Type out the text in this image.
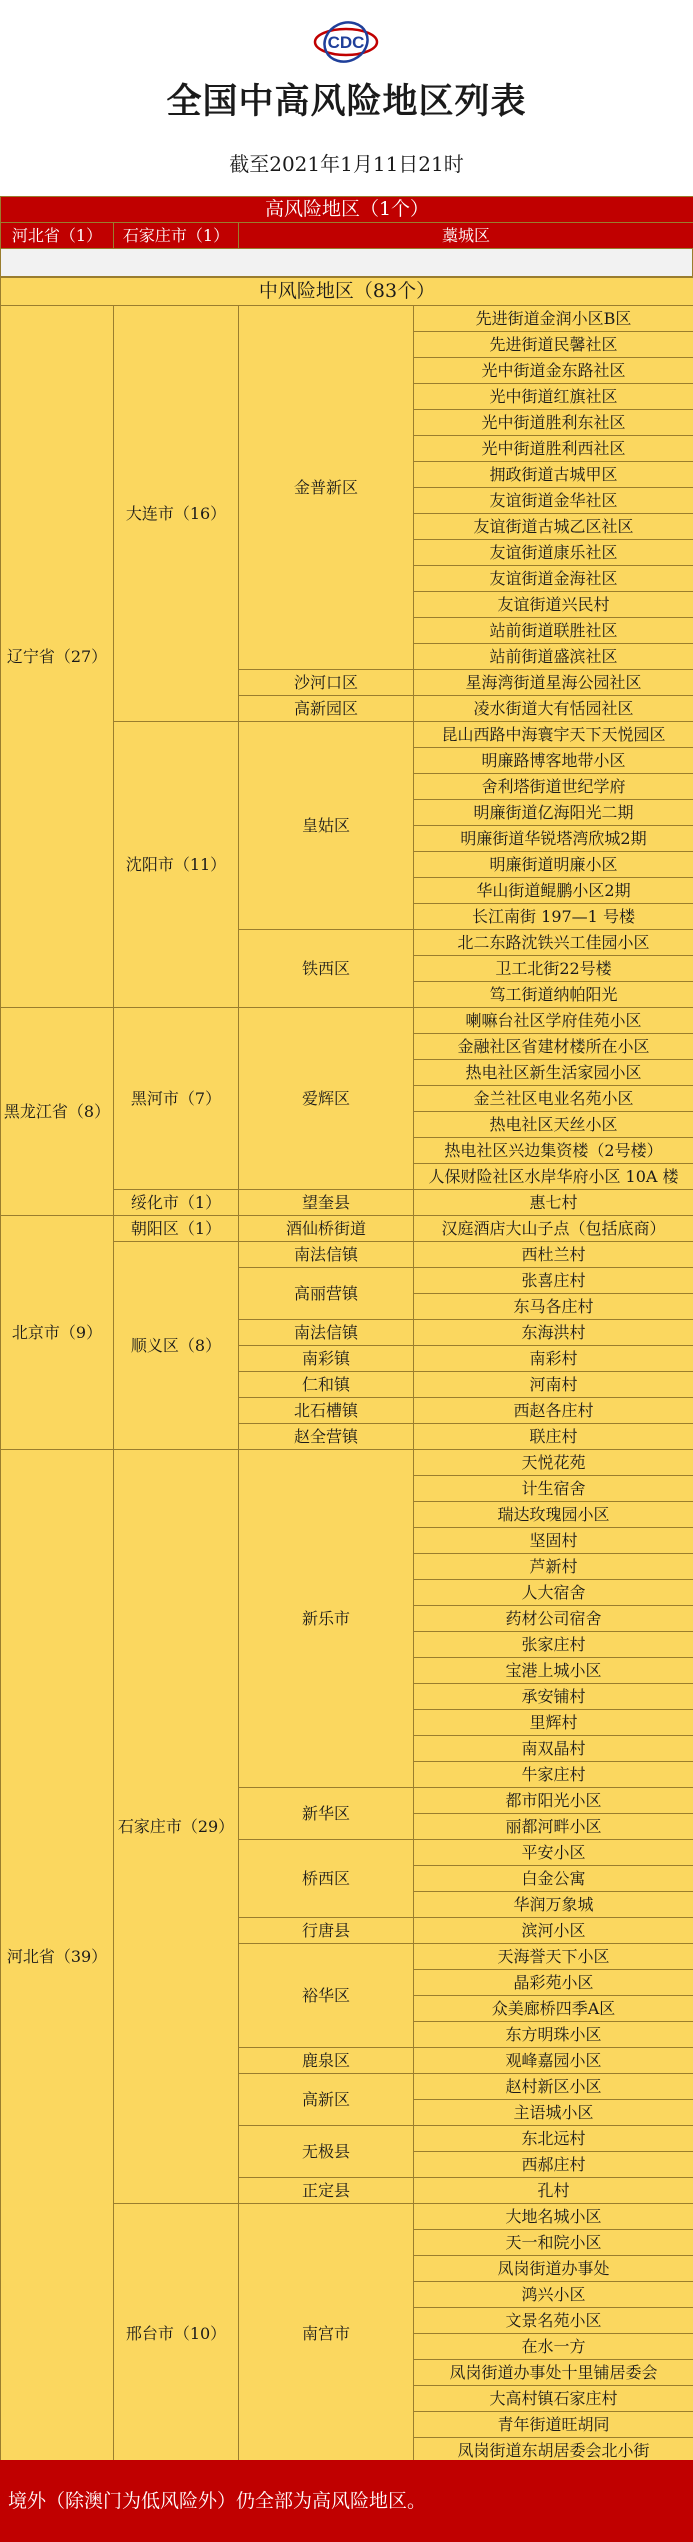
CDC
全国中高风险地区列表
截至2021年1月11日21时
高风险地区（1个）
河北省（1）	石家庄市（1）	藁城区
中风险地区（83个）			
辽宁省（27）	大连市（16）	金普新区	先进街道金润小区B区
			先进街道民馨社区
			光中街道金东路社区
			光中街道红旗社区
			光中街道胜利东社区
			光中街道胜利西社区
			拥政街道古城甲区
			友谊街道金华社区
			友谊街道古城乙区社区
			友谊街道康乐社区
			友谊街道金海社区
			友谊街道兴民村
			站前街道联胜社区
			站前街道盛滨社区
		沙河口区	星海湾街道星海公园社区
		高新园区	凌水街道大有恬园社区
	沈阳市（11）	皇姑区	昆山西路中海寰宇天下天悦园区
			明廉路博客地带小区
			舍利塔街道世纪学府
			明廉街道亿海阳光二期
			明廉街道华锐塔湾欣城2期
			明廉街道明廉小区
			华山街道鲲鹏小区2期
			长江南街 197—1 号楼
		铁西区	北二东路沈铁兴工佳园小区
			卫工北街22号楼
			笃工街道纳帕阳光
黑龙江省（8）	黑河市（7）	爱辉区	喇嘛台社区学府佳苑小区
			金融社区省建材楼所在小区
			热电社区新生活家园小区
			金兰社区电业名苑小区
			热电社区天丝小区
			热电社区兴边集资楼（2号楼）
			人保财险社区水岸华府小区 10A 楼
	绥化市（1）	望奎县	惠七村
北京市（9）	朝阳区（1）	酒仙桥街道	汉庭酒店大山子点（包括底商）
	顺义区（8）	南法信镇	西杜兰村
		高丽营镇	张喜庄村
			东马各庄村
		南法信镇	东海洪村
		南彩镇	南彩村
		仁和镇	河南村
		北石槽镇	西赵各庄村
		赵全营镇	联庄村
河北省（39）	石家庄市（29）	新乐市	天悦花苑
			计生宿舍
			瑞达玫瑰园小区
			坚固村
			芦新村
			人大宿舍
			药材公司宿舍
			张家庄村
			宝港上城小区
			承安铺村
			里辉村
			南双晶村
			牛家庄村
		新华区	都市阳光小区
			丽都河畔小区
		桥西区	平安小区
			白金公寓
			华润万象城
		行唐县	滨河小区
		裕华区	天海誉天下小区
			晶彩苑小区
			众美廊桥四季A区
			东方明珠小区
		鹿泉区	观峰嘉园小区
		高新区	赵村新区小区
			主语城小区
		无极县	东北远村
			西郝庄村
		正定县	孔村
	邢台市（10）	南宫市	大地名城小区
			天一和院小区
			凤岗街道办事处
			鸿兴小区
			文景名苑小区
			在水一方
			凤岗街道办事处十里铺居委会
			大高村镇石家庄村
			青年街道旺胡同
			凤岗街道东胡居委会北小街
境外（除澳门为低风险外）仍全部为高风险地区。
